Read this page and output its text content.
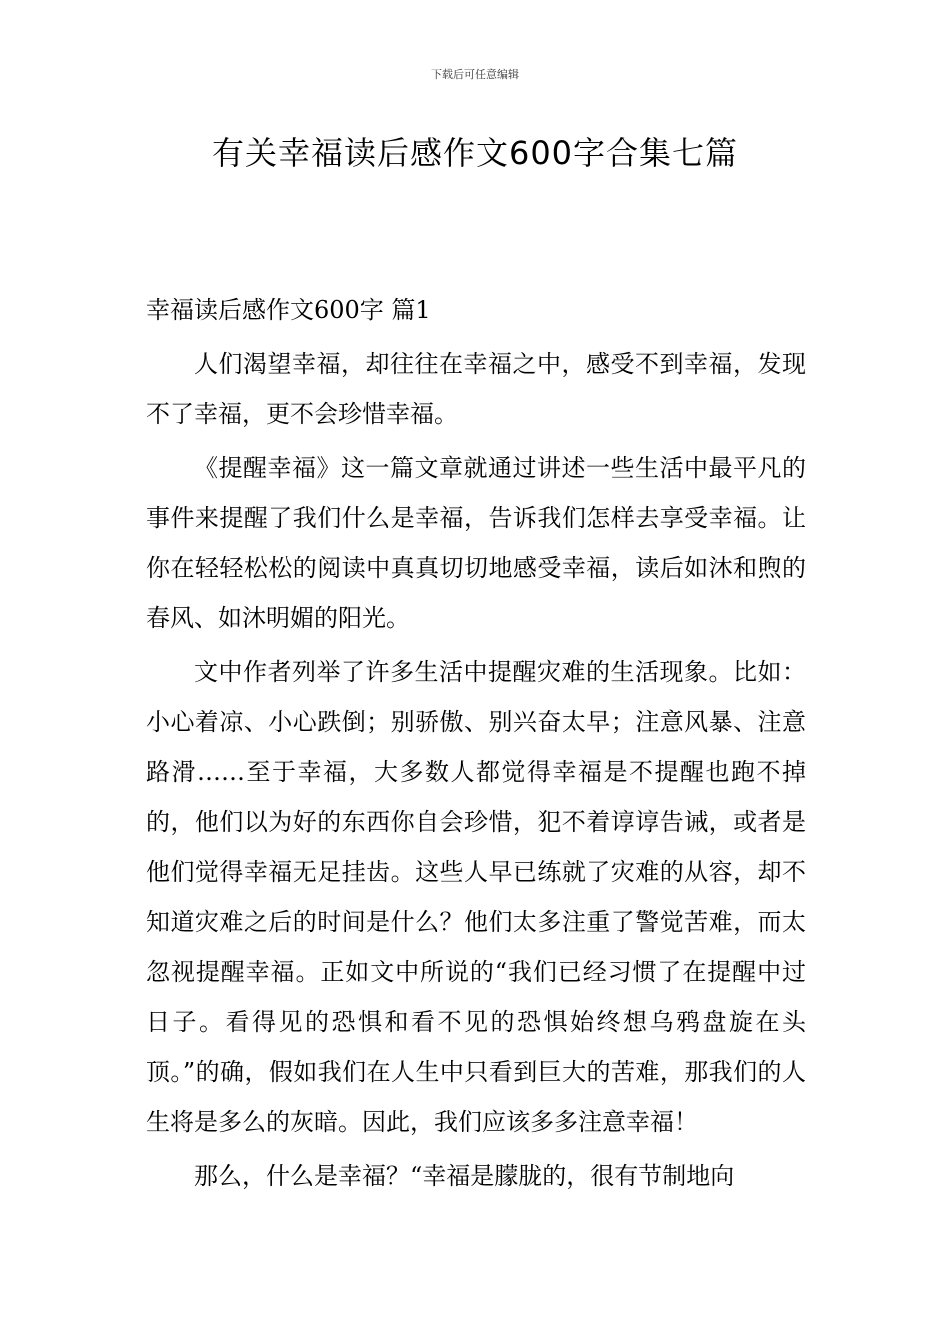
下载后可任意编辑
有关幸福读后感作文600字合集七篇
幸福读后感作文600字 篇1

人们渴望幸福，却往往在幸福之中，感受不到幸福，发现不了幸福，更不会珍惜幸福。

《提醒幸福》这一篇文章就通过讲述一些生活中最平凡的事件来提醒了我们什么是幸福，告诉我们怎样去享受幸福。让你在轻轻松松的阅读中真真切切地感受幸福，读后如沐和煦的春风、如沐明媚的阳光。

文中作者列举了许多生活中提醒灾难的生活现象。比如：小心着凉、小心跌倒；别骄傲、别兴奋太早；注意风暴、注意路滑……至于幸福，大多数人都觉得幸福是不提醒也跑不掉的，他们以为好的东西你自会珍惜，犯不着谆谆告诫，或者是他们觉得幸福无足挂齿。这些人早已练就了灾难的从容，却不知道灾难之后的时间是什么？他们太多注重了警觉苦难，而太忽视提醒幸福。正如文中所说的“我们已经习惯了在提醒中过日子。看得见的恐惧和看不见的恐惧始终想乌鸦盘旋在头顶。”的确，假如我们在人生中只看到巨大的苦难，那我们的人生将是多么的灰暗。因此，我们应该多多注意幸福！

那么，什么是幸福？“幸福是朦胧的，很有节制地向
